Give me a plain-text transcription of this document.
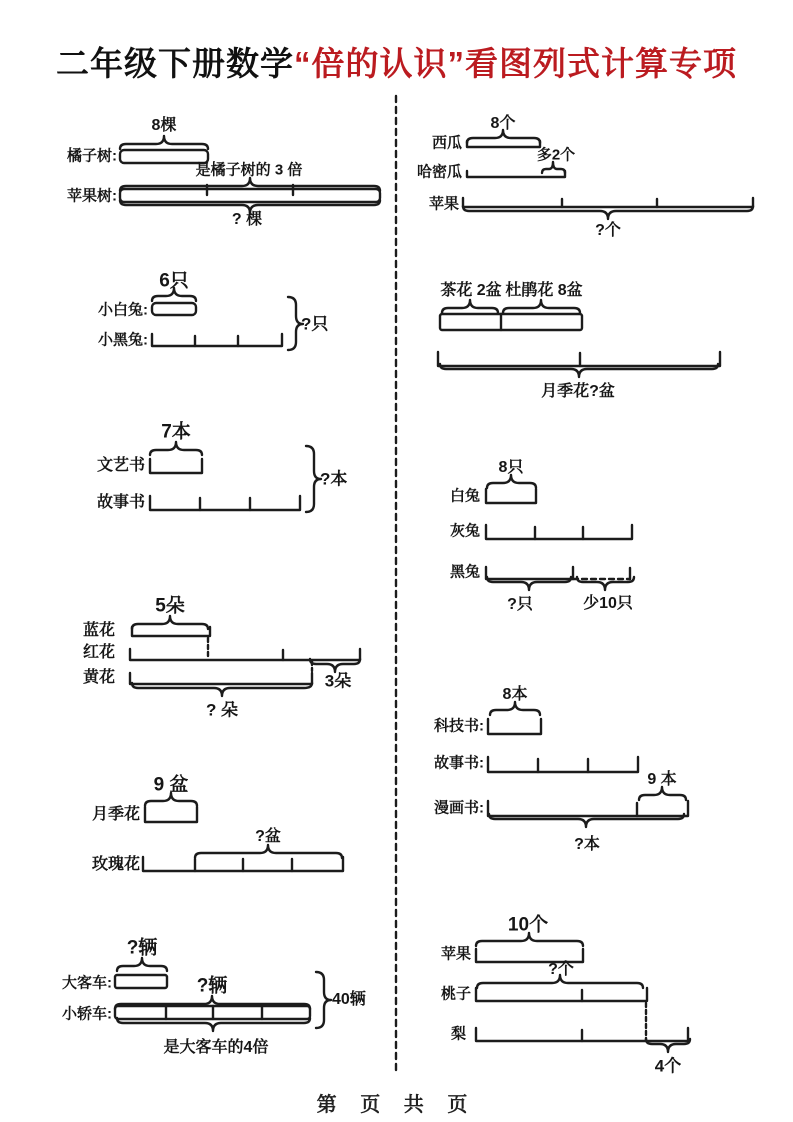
二年级下册数学“倍的认识”看图列式计算专项
8棵
橘子树:
是橘子树的 3 倍
苹果树:
? 棵
6只
小白兔:
小黑兔:
?只
7本
文艺书
故事书
?本
5朵
蓝花
红花
黄花	3朵
? 朵
9 盆
月季花
?盆
玫瑰花
?辆
大客车:	?辆
小轿车:
是大客车的4倍
40辆
8个
西瓜
多2个
哈密瓜
苹果
?个
茶花 2盆 杜鹃花 8盆
月季花?盆
8只
白兔
灰兔
黑兔
?只	少10只
8本
科技书:
故事书:
9 本
漫画书:
?本
10个
苹果
?个
桃子
梨
4个
第 页 共 页
